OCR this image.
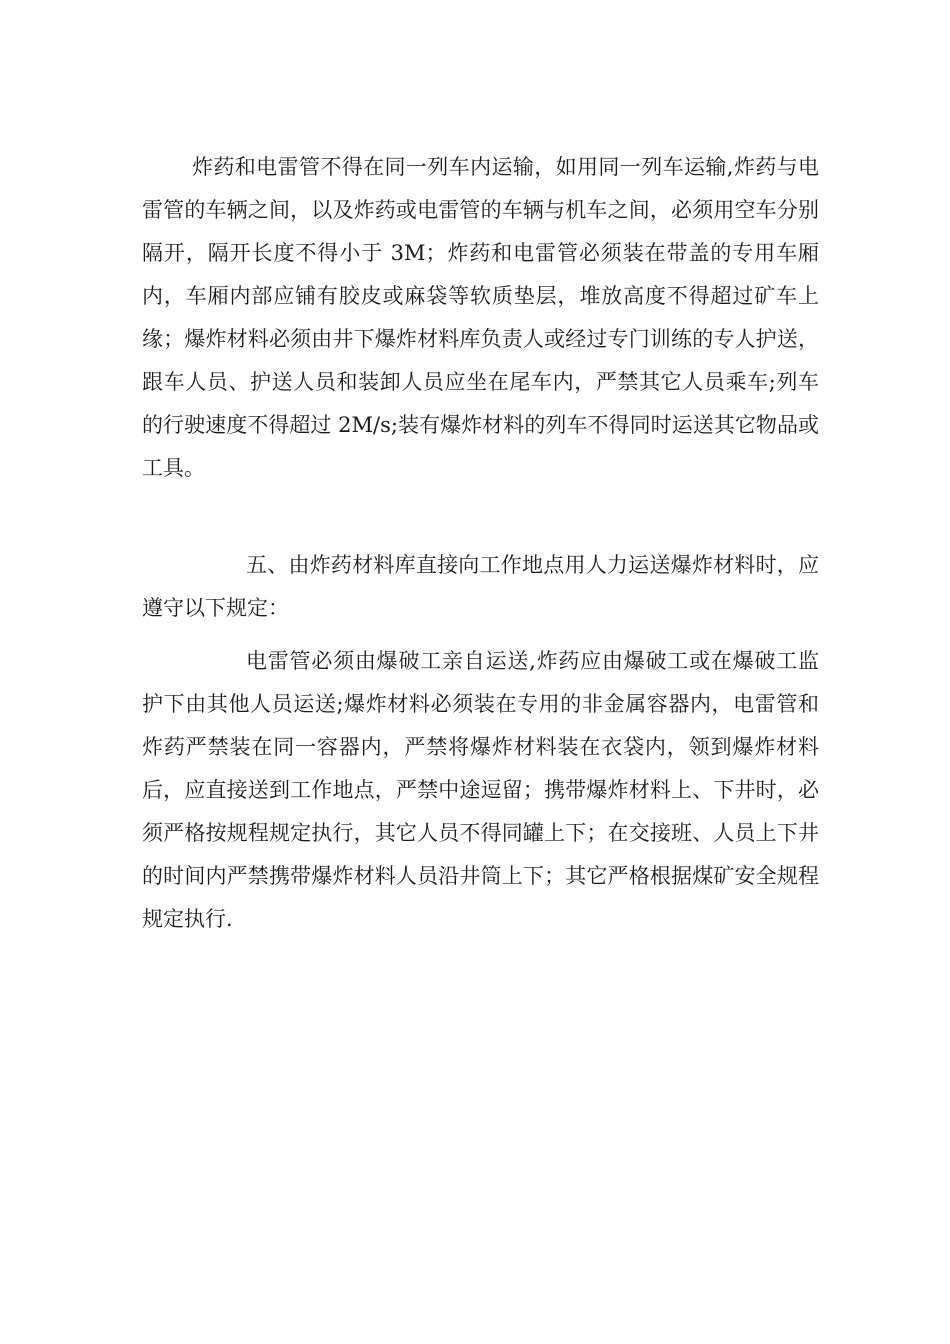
炸药和电雷管不得在同一列车内运输，如用同一列车运输,炸药与电雷管的车辆之间，以及炸药或电雷管的车辆与机车之间，必须用空车分别隔开，隔开长度不得小于 3M；炸药和电雷管必须装在带盖的专用车厢内，车厢内部应铺有胶皮或麻袋等软质垫层，堆放高度不得超过矿车上缘；爆炸材料必须由井下爆炸材料库负责人或经过专门训练的专人护送，跟车人员、护送人员和装卸人员应坐在尾车内，严禁其它人员乘车;列车的行驶速度不得超过 2M/s;装有爆炸材料的列车不得同时运送其它物品或工具。

五、由炸药材料库直接向工作地点用人力运送爆炸材料时，应遵守以下规定：

电雷管必须由爆破工亲自运送,炸药应由爆破工或在爆破工监护下由其他人员运送;爆炸材料必须装在专用的非金属容器内，电雷管和炸药严禁装在同一容器内，严禁将爆炸材料装在衣袋内，领到爆炸材料后，应直接送到工作地点，严禁中途逗留；携带爆炸材料上、下井时，必须严格按规程规定执行，其它人员不得同罐上下；在交接班、人员上下井的时间内严禁携带爆炸材料人员沿井筒上下；其它严格根据煤矿安全规程规定执行.
